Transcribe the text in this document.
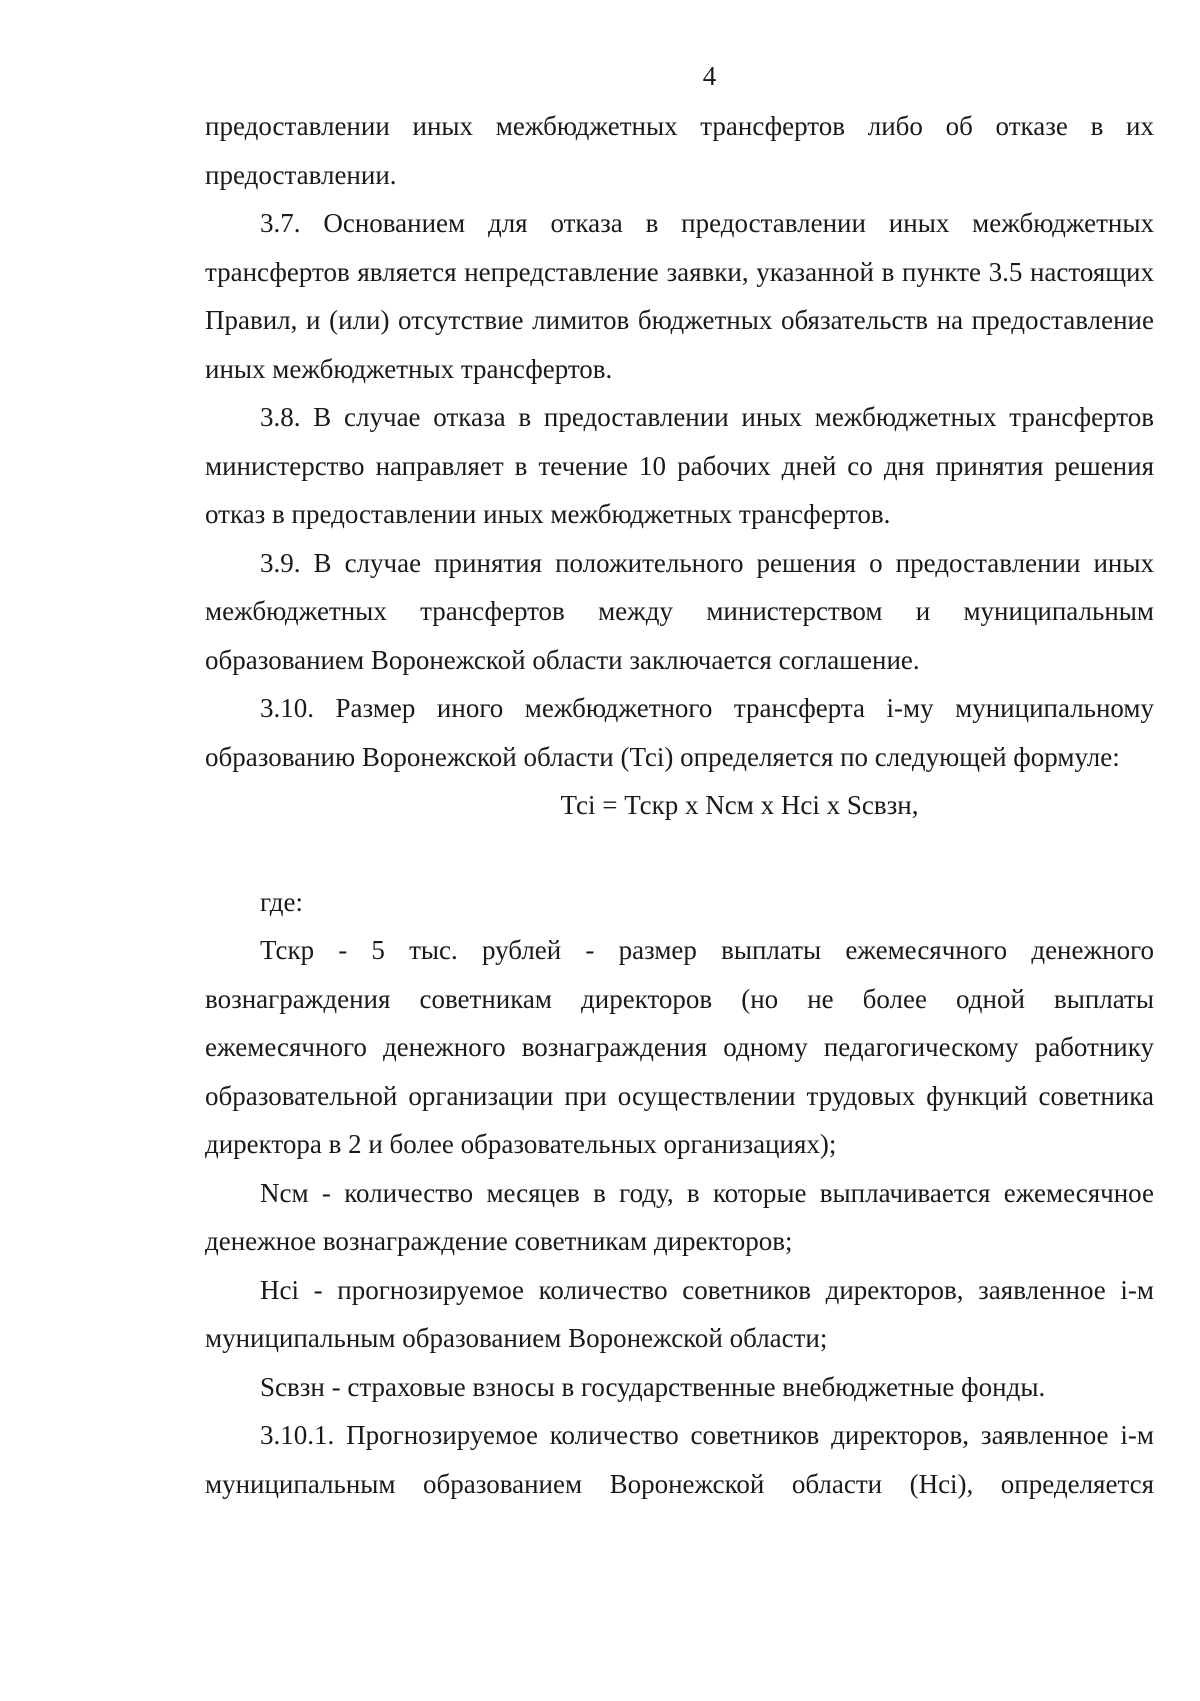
4

предоставлении иных межбюджетных трансфертов либо об отказе в их предоставлении.

3.7. Основанием для отказа в предоставлении иных межбюджетных трансфертов является непредставление заявки, указанной в пункте 3.5 настоящих Правил, и (или) отсутствие лимитов бюджетных обязательств на предоставление иных межбюджетных трансфертов.

3.8. В случае отказа в предоставлении иных межбюджетных трансфертов министерство направляет в течение 10 рабочих дней со дня принятия решения отказ в предоставлении иных межбюджетных трансфертов.

3.9. В случае принятия положительного решения о предоставлении иных межбюджетных трансфертов между министерством и муниципальным образованием Воронежской области заключается соглашение.

3.10. Размер иного межбюджетного трансферта i-му муниципальному образованию Воронежской области (Тсi) определяется по следующей формуле:

Тсi = Тскр х Nсм х Нсi х Sсвзн,

где:

Тскр - 5 тыс. рублей - размер выплаты ежемесячного денежного вознаграждения советникам директоров (но не более одной выплаты ежемесячного денежного вознаграждения одному педагогическому работнику образовательной организации при осуществлении трудовых функций советника директора в 2 и более образовательных организациях);

Nсм - количество месяцев в году, в которые выплачивается ежемесячное денежное вознаграждение советникам директоров;

Нсi - прогнозируемое количество советников директоров, заявленное i-м муниципальным образованием Воронежской области;

Sсвзн - страховые взносы в государственные внебюджетные фонды.

3.10.1. Прогнозируемое количество советников директоров, заявленное i-м муниципальным образованием Воронежской области (Нсi), определяется
